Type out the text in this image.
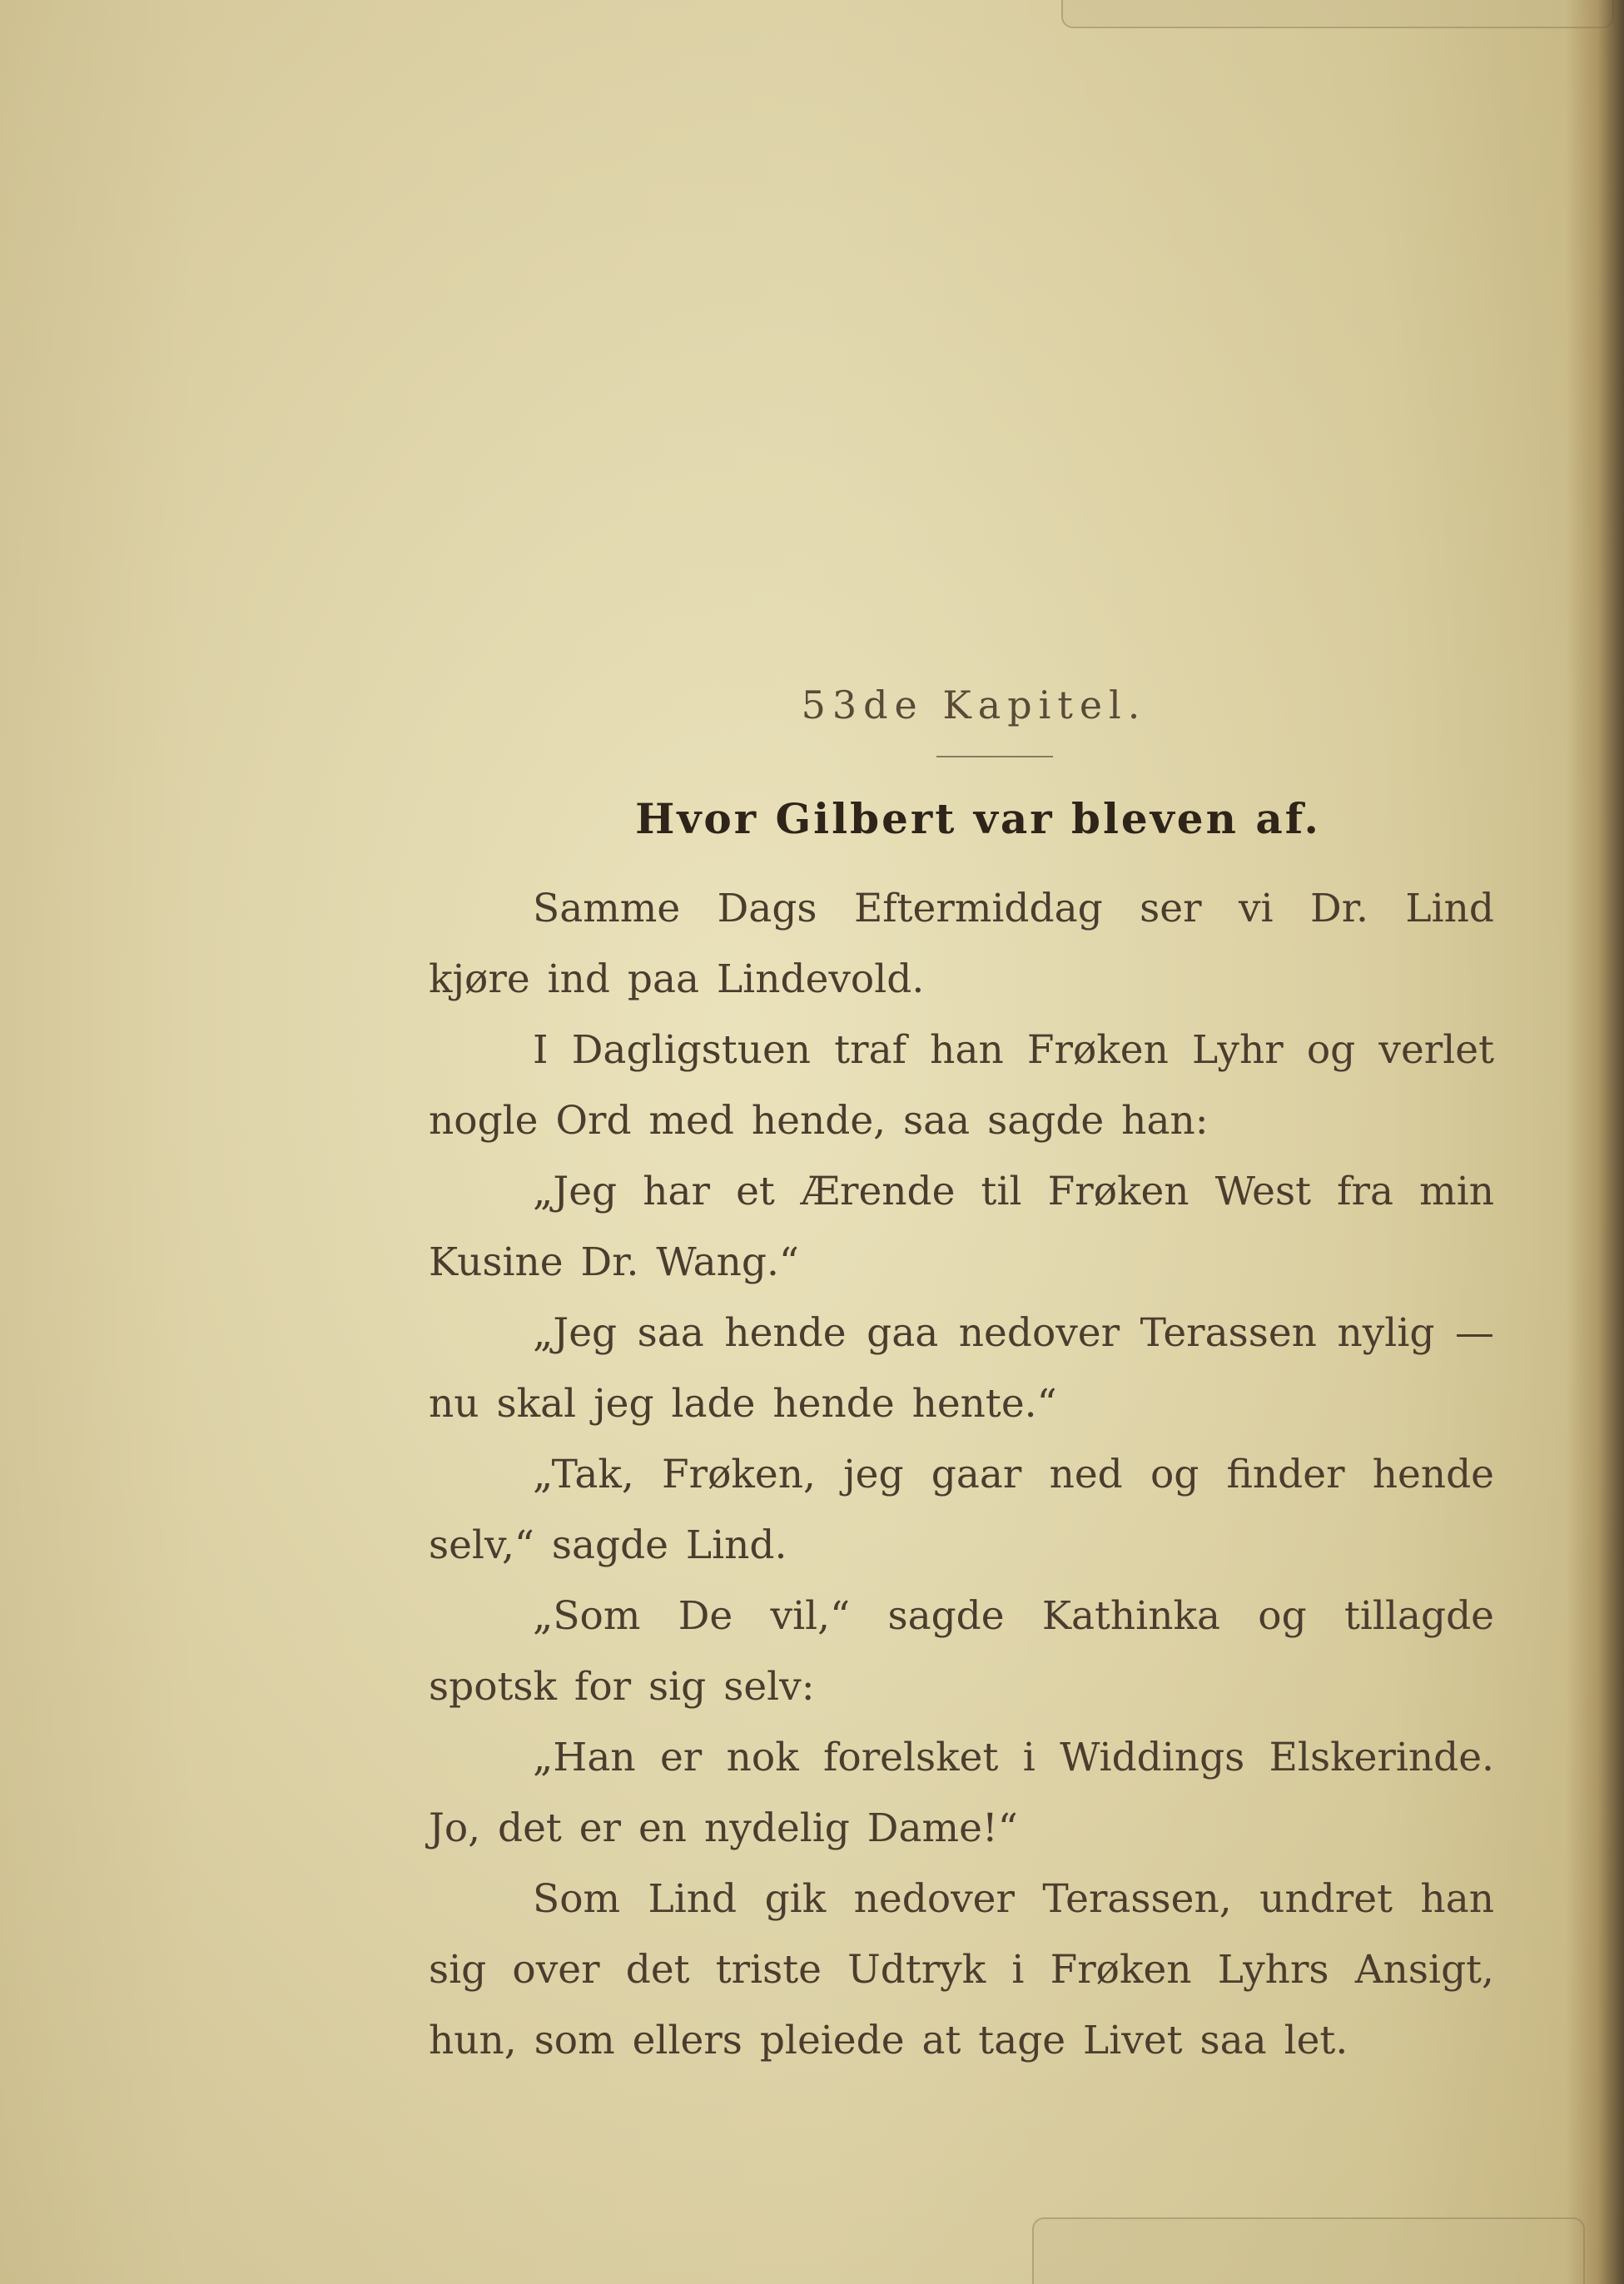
53de Kapitel.
Hvor Gilbert var bleven af.

Samme Dags Eftermiddag ser vi Dr. Lind kjøre ind paa Lindevold.

I Dagligstuen traf han Frøken Lyhr og verlet nogle Ord med hende, saa sagde han:

„Jeg har et Ærende til Frøken West fra min Kusine Dr. Wang.“

„Jeg saa hende gaa nedover Terassen nylig — nu skal jeg lade hende hente.“

„Tak, Frøken, jeg gaar ned og finder hende selv,“ sagde Lind.

„Som De vil,“ sagde Kathinka og tillagde spotsk for sig selv:

„Han er nok forelsket i Widdings Elskerinde. Jo, det er en nydelig Dame!“

Som Lind gik nedover Terassen, undret han sig over det triste Udtryk i Frøken Lyhrs Ansigt, hun, som ellers pleiede at tage Livet saa let.
